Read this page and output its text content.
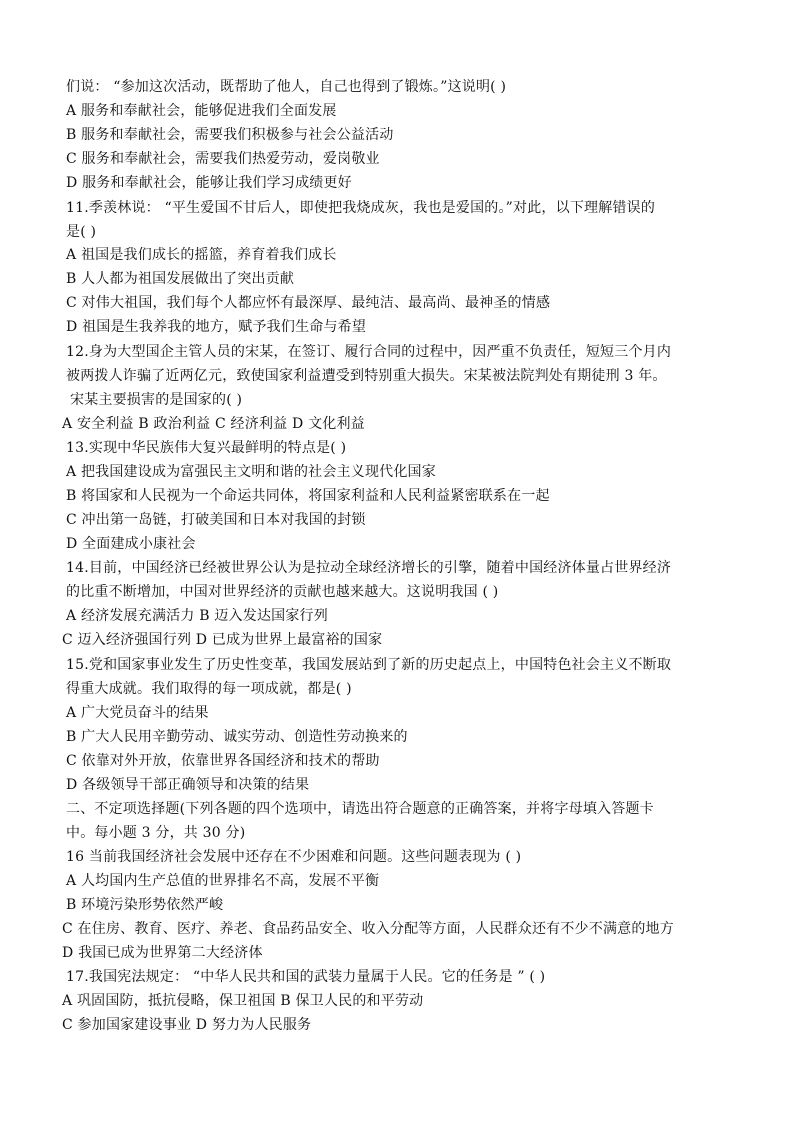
们说： “参加这次活动，既帮助了他人，自己也得到了锻炼。”这说明( )
A 服务和奉献社会，能够促进我们全面发展
B 服务和奉献社会，需要我们积极参与社会公益活动
C 服务和奉献社会，需要我们热爱劳动，爱岗敬业
D 服务和奉献社会，能够让我们学习成绩更好
11.季羡林说： “平生爱国不甘后人，即使把我烧成灰，我也是爱国的。”对此，以下理解错误的
是( )
A 祖国是我们成长的摇篮，养育着我们成长
B 人人都为祖国发展做出了突出贡献
C 对伟大祖国，我们每个人都应怀有最深厚、最纯洁、最高尚、最神圣的情感
D 祖国是生我养我的地方，赋予我们生命与希望
12.身为大型国企主管人员的宋某，在签订、履行合同的过程中，因严重不负责任，短短三个月内
被两拨人诈骗了近两亿元，致使国家利益遭受到特别重大损失。宋某被法院判处有期徒刑 3 年。
宋某主要损害的是国家的( )
A 安全利益 B 政治利益 C 经济利益 D 文化利益
13.实现中华民族伟大复兴最鲜明的特点是( )
A 把我国建设成为富强民主文明和谐的社会主义现代化国家
B 将国家和人民视为一个命运共同体，将国家利益和人民利益紧密联系在一起
C 冲出第一岛链，打破美国和日本对我国的封锁
D 全面建成小康社会
14.目前，中国经济已经被世界公认为是拉动全球经济增长的引擎，随着中国经济体量占世界经济
的比重不断增加，中国对世界经济的贡献也越来越大。这说明我国 ( )
A 经济发展充满活力 B 迈入发达国家行列
C 迈入经济强国行列 D 已成为世界上最富裕的国家
15.党和国家事业发生了历史性变革，我国发展站到了新的历史起点上，中国特色社会主义不断取
得重大成就。我们取得的每一项成就，都是( )
A 广大党员奋斗的结果
B 广大人民用辛勤劳动、诚实劳动、创造性劳动换来的
C 依靠对外开放，依靠世界各国经济和技术的帮助
D 各级领导干部正确领导和决策的结果
二、不定项选择题(下列各题的四个选项中，请选出符合题意的正确答案，并将字母填入答题卡
中。每小题 3 分，共 30 分)
16 当前我国经济社会发展中还存在不少困难和问题。这些问题表现为 ( )
A 人均国内生产总值的世界排名不高，发展不平衡
B 环境污染形势依然严峻
C 在住房、教育、医疗、养老、食品药品安全、收入分配等方面，人民群众还有不少不满意的地方
D 我国已成为世界第二大经济体
17.我国宪法规定： “中华人民共和国的武装力量属于人民。它的任务是 ” ( )
A 巩固国防，抵抗侵略，保卫祖国 B 保卫人民的和平劳动
C 参加国家建设事业 D 努力为人民服务
